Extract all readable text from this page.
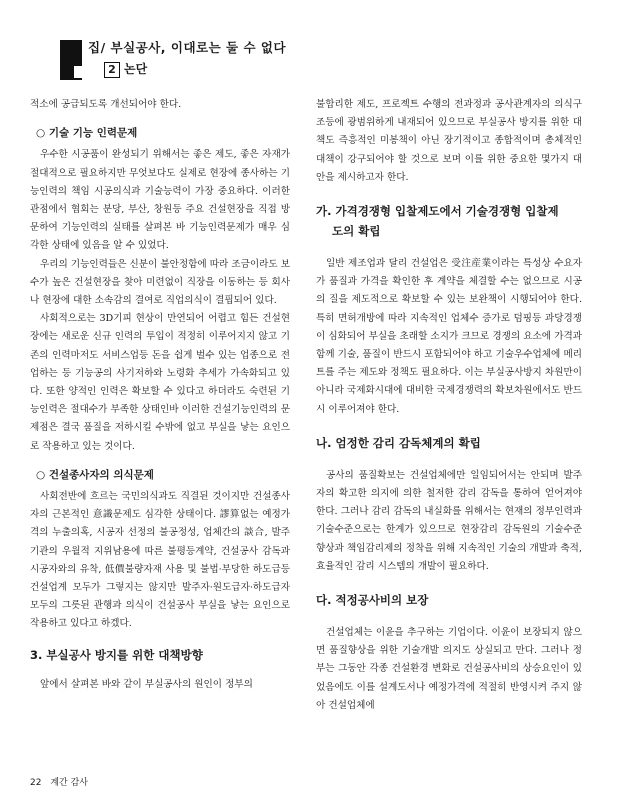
집/ 부실공사, 이대로는 둘 수 없다
2 논단

적소에 공급되도록 개선되어야 한다.

○ 기술 기능 인력문제

우수한 시공품이 완성되기 위해서는 좋은 제도, 좋은 자재가 절대적으로 필요하지만 무엇보다도 실제로 현장에 종사하는 기능인력의 책임 시공의식과 기술능력이 가장 중요하다. 이러한 관점에서 협회는 분당, 부산, 창원등 주요 건설현장을 직접 방문하여 기능인력의 실태를 살펴본 바 기능인력문제가 매우 심각한 상태에 있음을 알 수 있었다.

우리의 기능인력들은 신분이 불안정함에 따라 조금이라도 보수가 높은 건설현장을 찾아 미련없이 직장을 이동하는 등 회사나 현장에 대한 소속감의 결여로 직업의식이 결핍되어 있다.

사회적으로는 3D기피 현상이 만연되어 어렵고 힘든 건설현장에는 새로운 신규 인력의 투입이 적정히 이루어지지 않고 기존의 인력마저도 서비스업등 돈을 쉽게 벌수 있는 업종으로 전업하는 등 기능공의 사기저하와 노령화 추세가 가속화되고 있다. 또한 양적인 인력은 확보할 수 있다고 하더라도 숙련된 기능인력은 절대수가 부족한 상태인바 이러한 건설기능인력의 문제점은 결국 품질을 저하시킬 수밖에 없고 부실을 낳는 요인으로 작용하고 있는 것이다.

○ 건설종사자의 의식문제

사회전반에 흐르는 국민의식과도 직결된 것이지만 건설종사자의 근본적인 意識문제도 심각한 상태이다. 謬算없는 예정가격의 누출의혹, 시공자 선정의 불공정성, 업체간의 談合, 발주기관의 우월적 지위남용에 따른 불평등계약, 건설공사 감독과 시공자와의 유착, 低價불량자재 사용 및 불법·부당한 하도급등 건설업계 모두가 그렇지는 않지만 발주자·원도급자·하도급자 모두의 그릇된 관행과 의식이 건설공사 부실을 낳는 요인으로 작용하고 있다고 하겠다.

3. 부실공사 방지를 위한 대책방향

앞에서 살펴본 바와 같이 부실공사의 원인이 정부의

불합리한 제도, 프로젝트 수행의 전과정과 공사관계자의 의식구조등에 광범위하게 내재되어 있으므로 부실공사 방지를 위한 대책도 즉흥적인 미봉책이 아닌 장기적이고 종합적이며 총체적인 대책이 강구되어야 할 것으로 보며 이를 위한 중요한 몇가지 대안을 제시하고자 한다.

가. 가격경쟁형 입찰제도에서 기술경쟁형 입찰제
도의 확립

일반 제조업과 달리 건설업은 受注産業이라는 특성상 수요자가 품질과 가격을 확인한 후 계약을 체결할 수는 없으므로 시공의 질을 제도적으로 확보할 수 있는 보완책이 시행되어야 한다. 특히 면허개방에 따라 지속적인 업체수 증가로 덤핑등 과당경쟁이 심화되어 부실을 초래할 소지가 크므로 경쟁의 요소에 가격과 함께 기술, 품질이 반드시 포함되어야 하고 기술우수업체에 메리트를 주는 제도와 정책도 필요하다. 이는 부실공사방지 차원만이 아니라 국제화시대에 대비한 국제경쟁력의 확보차원에서도 반드시 이루어져야 한다.

나. 엄정한 감리 감독체계의 확립

공사의 품질확보는 건설업체에만 일임되어서는 안되며 발주자의 확고한 의지에 의한 철저한 감리 감독을 통하여 얻어져야 한다. 그러나 감리 감독의 내실화를 위해서는 현재의 정부인력과 기술수준으로는 한계가 있으므로 현장감리 감독원의 기술수준 향상과 책임감리제의 정착을 위해 지속적인 기술의 개발과 축적, 효율적인 감리 시스템의 개발이 필요하다.

다. 적정공사비의 보장

건설업체는 이윤을 추구하는 기업이다. 이윤이 보장되지 않으면 품질향상을 위한 기술개발 의지도 상실되고 만다. 그러나 정부는 그동안 각종 건설환경 변화로 건설공사비의 상승요인이 있었음에도 이를 설계도서나 예정가격에 적절히 반영시켜 주지 않아 건설업체에

22 계간 감사
